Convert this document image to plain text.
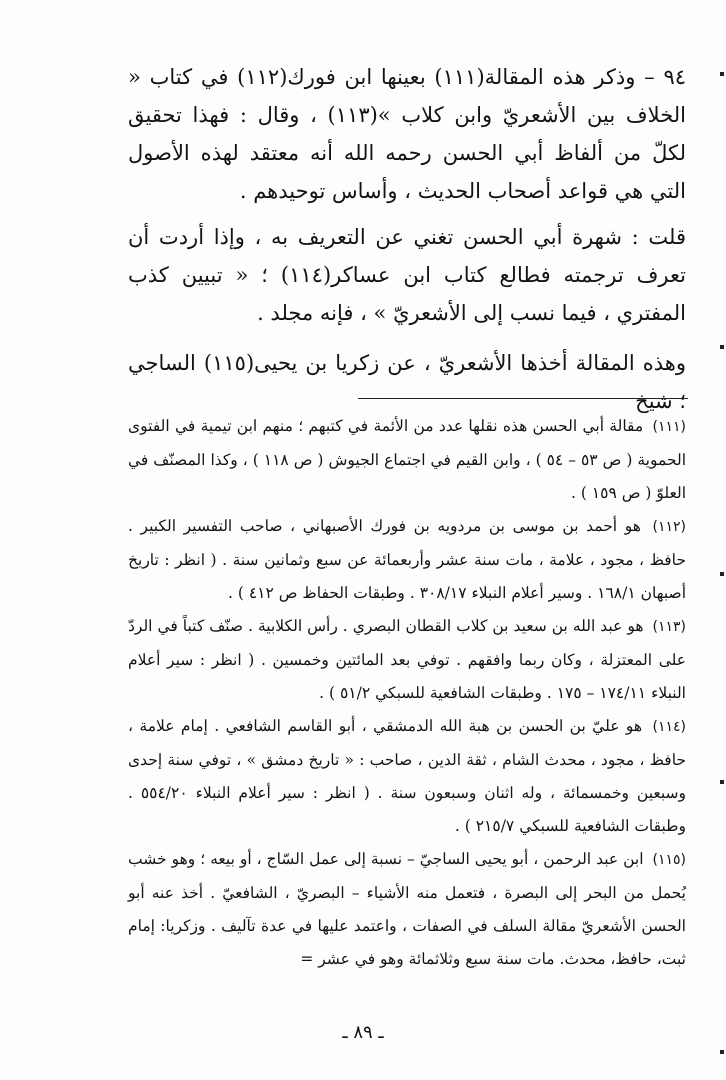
٩٤ – وذكر هذه المقالة(١١١) بعينها ابن فورك(١١٢) في كتاب « الخلاف بين الأشعريّ وابن كلاب »(١١٣) ، وقال : فهذا تحقيق لكلّ من ألفاظ أبي الحسن رحمه الله أنه معتقد لهذه الأصول التي هي قواعد أصحاب الحديث ، وأساس توحيدهم .

قلت : شهرة أبي الحسن تغني عن التعريف به ، وإذا أردت أن تعرف ترجمته فطالع كتاب ابن عساكر(١١٤) ؛ « تبيين كذب المفتري ، فيما نسب إلى الأشعريّ » ، فإنه مجلد .

وهذه المقالة أخذها الأشعريّ ، عن زكريا بن يحيى(١١٥) الساجي ؛ شيخ

(١١١) مقالة أبي الحسن هذه نقلها عدد من الأئمة في كتبهم ؛ منهم ابن تيمية في الفتوى الحموية ( ص ٥٣ – ٥٤ ) ، وابن القيم في اجتماع الجيوش ( ص ١١٨ ) ، وكذا المصنّف في العلوّ ( ص ١٥٩ ) .

(١١٢) هو أحمد بن موسى بن مردويه بن فورك الأصبهاني ، صاحب التفسير الكبير . حافظ ، مجود ، علامة ، مات سنة عشر وأربعمائة عن سبع وثمانين سنة . ( انظر : تاريخ أصبهان ١٦٨/١ . وسير أعلام النبلاء ٣٠٨/١٧ . وطبقات الحفاظ ص ٤١٢ ) .

(١١٣) هو عبد الله بن سعيد بن كلاب القطان البصري . رأس الكلابية . صنّف كتباً في الردّ على المعتزلة ، وكان ربما وافقهم . توفي بعد المائتين وخمسين . ( انظر : سير أعلام النبلاء ١٧٤/١١ – ١٧٥ . وطبقات الشافعية للسبكي ٥١/٢ ) .

(١١٤) هو عليّ بن الحسن بن هبة الله الدمشقي ، أبو القاسم الشافعي . إمام علامة ، حافظ ، مجود ، محدث الشام ، ثقة الدين ، صاحب : « تاريخ دمشق » ، توفي سنة إحدى وسبعين وخمسمائة ، وله اثنان وسبعون سنة . ( انظر : سير أعلام النبلاء ٥٥٤/٢٠ . وطبقات الشافعية للسبكي ٢١٥/٧ ) .

(١١٥) ابن عبد الرحمن ، أبو يحيى الساجيّ – نسبة إلى عمل السّاج ، أو بيعه ؛ وهو خشب يُحمل من البحر إلى البصرة ، فتعمل منه الأشياء – البصريّ ، الشافعيّ . أخذ عنه أبو الحسن الأشعريّ مقالة السلف في الصفات ، واعتمد عليها في عدة تآليف . وزكريا: إمام ثبت، حافظ، محدث. مات سنة سبع وثلاثمائة وهو في عشر =

ـ ٨٩ ـ
